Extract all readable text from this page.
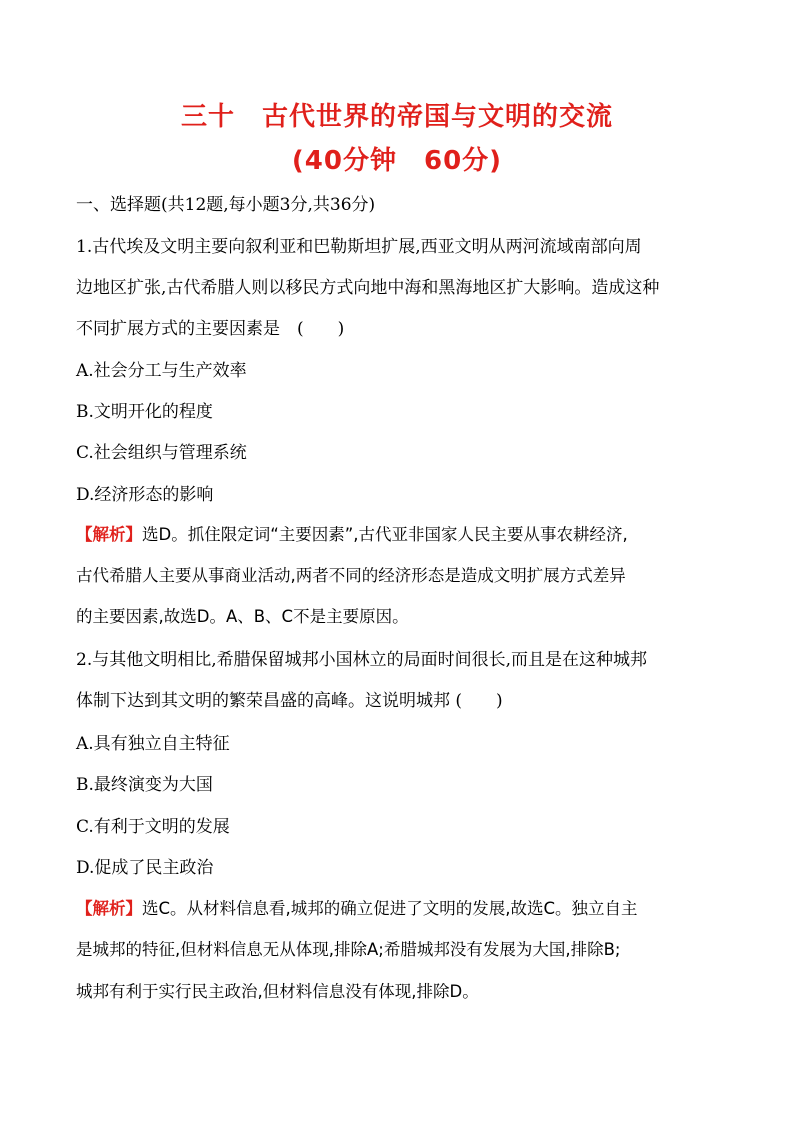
三十　古代世界的帝国与文明的交流
(40分钟　60分)
一、选择题(共12题,每小题3分,共36分)
1.古代埃及文明主要向叙利亚和巴勒斯坦扩展,西亚文明从两河流域南部向周
边地区扩张,古代希腊人则以移民方式向地中海和黑海地区扩大影响。造成这种
不同扩展方式的主要因素是　(　　)
A.社会分工与生产效率
B.文明开化的程度
C.社会组织与管理系统
D.经济形态的影响
【解析】选D。抓住限定词“主要因素”,古代亚非国家人民主要从事农耕经济,
古代希腊人主要从事商业活动,两者不同的经济形态是造成文明扩展方式差异
的主要因素,故选D。A、B、C不是主要原因。
2.与其他文明相比,希腊保留城邦小国林立的局面时间很长,而且是在这种城邦
体制下达到其文明的繁荣昌盛的高峰。这说明城邦 (　　)
A.具有独立自主特征
B.最终演变为大国
C.有利于文明的发展
D.促成了民主政治
【解析】选C。从材料信息看,城邦的确立促进了文明的发展,故选C。独立自主
是城邦的特征,但材料信息无从体现,排除A;希腊城邦没有发展为大国,排除B;
城邦有利于实行民主政治,但材料信息没有体现,排除D。
